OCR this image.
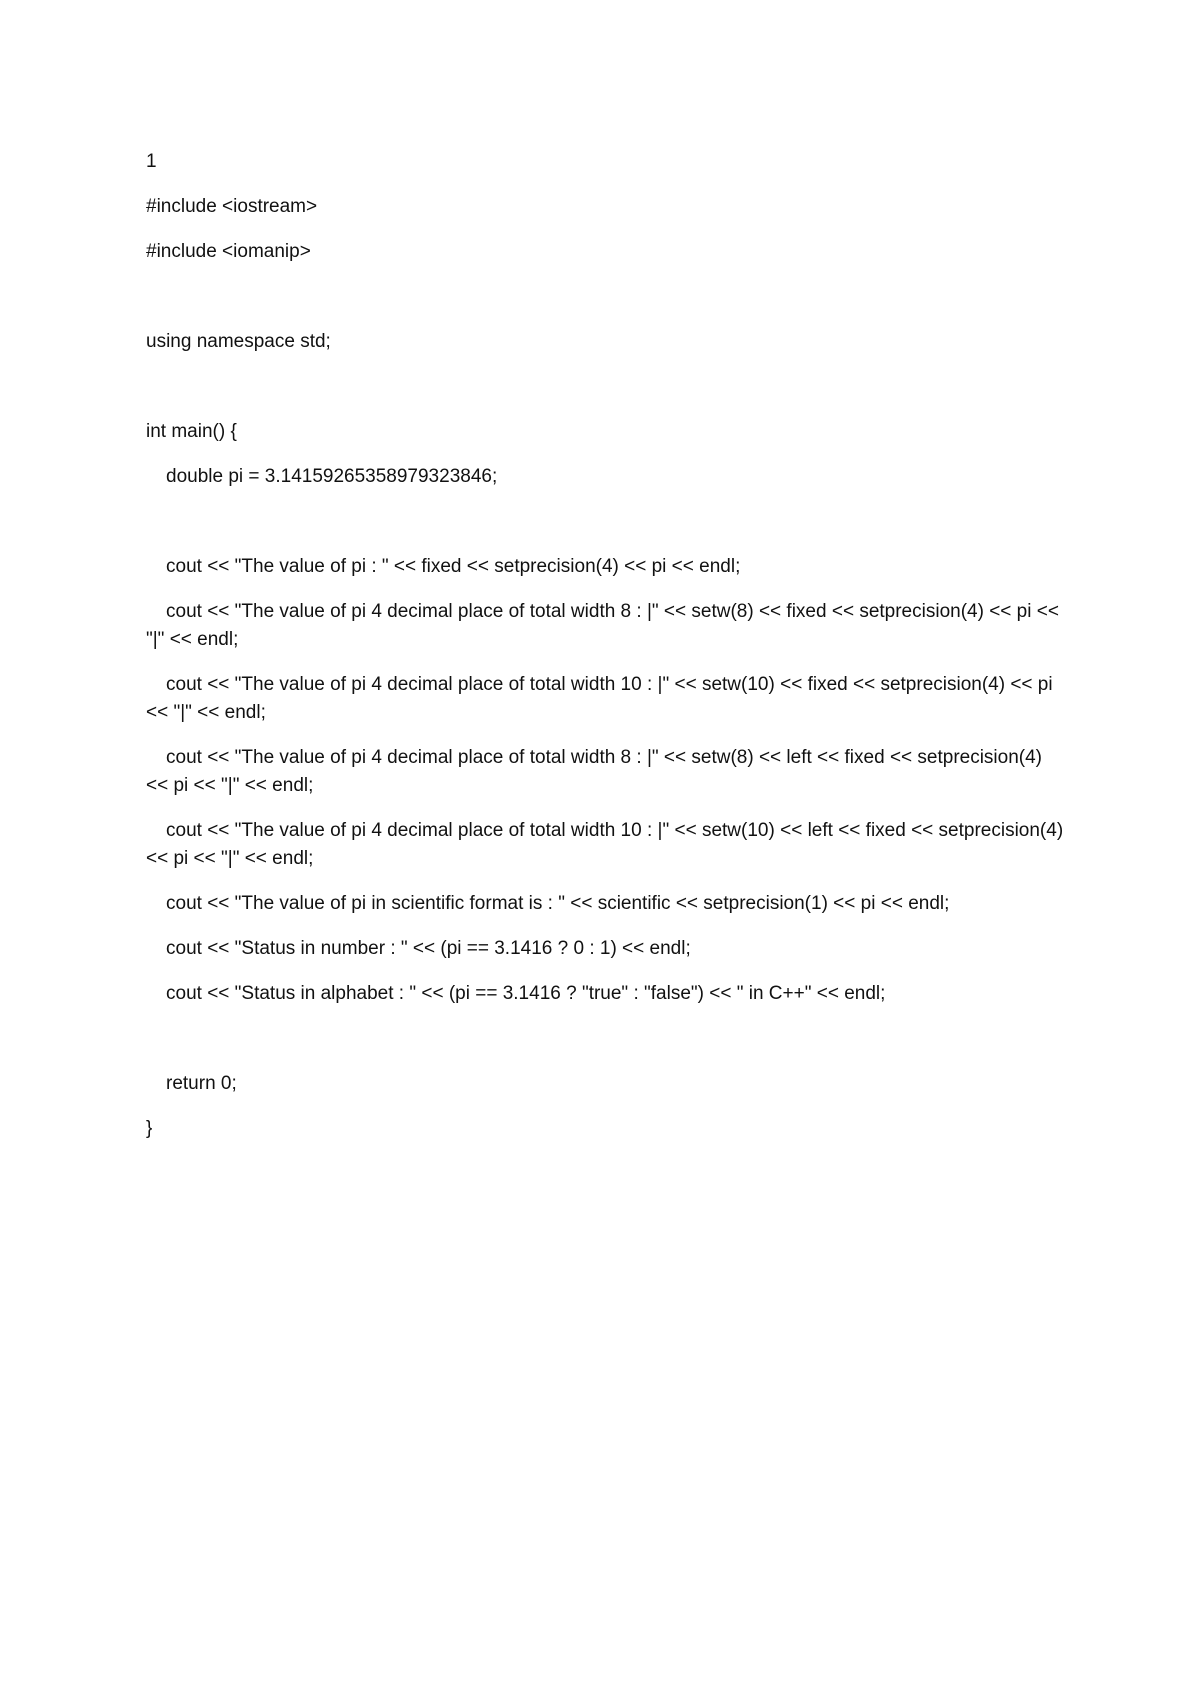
1
#include <iostream>
#include <iomanip>
using namespace std;
int main() {
double pi = 3.14159265358979323846;
cout << "The value of pi : " << fixed << setprecision(4) << pi << endl;
cout << "The value of pi 4 decimal place of total width 8 : |" << setw(8) << fixed << setprecision(4) << pi << "|" << endl;
cout << "The value of pi 4 decimal place of total width 10 : |" << setw(10) << fixed << setprecision(4) << pi << "|" << endl;
cout << "The value of pi 4 decimal place of total width 8 : |" << setw(8) << left << fixed << setprecision(4) << pi << "|" << endl;
cout << "The value of pi 4 decimal place of total width 10 : |" << setw(10) << left << fixed << setprecision(4) << pi << "|" << endl;
cout << "The value of pi in scientific format is : " << scientific << setprecision(1) << pi << endl;
cout << "Status in number : " << (pi == 3.1416 ? 0 : 1) << endl;
cout << "Status in alphabet : " << (pi == 3.1416 ? "true" : "false") << " in C++" << endl;
return 0;
}
